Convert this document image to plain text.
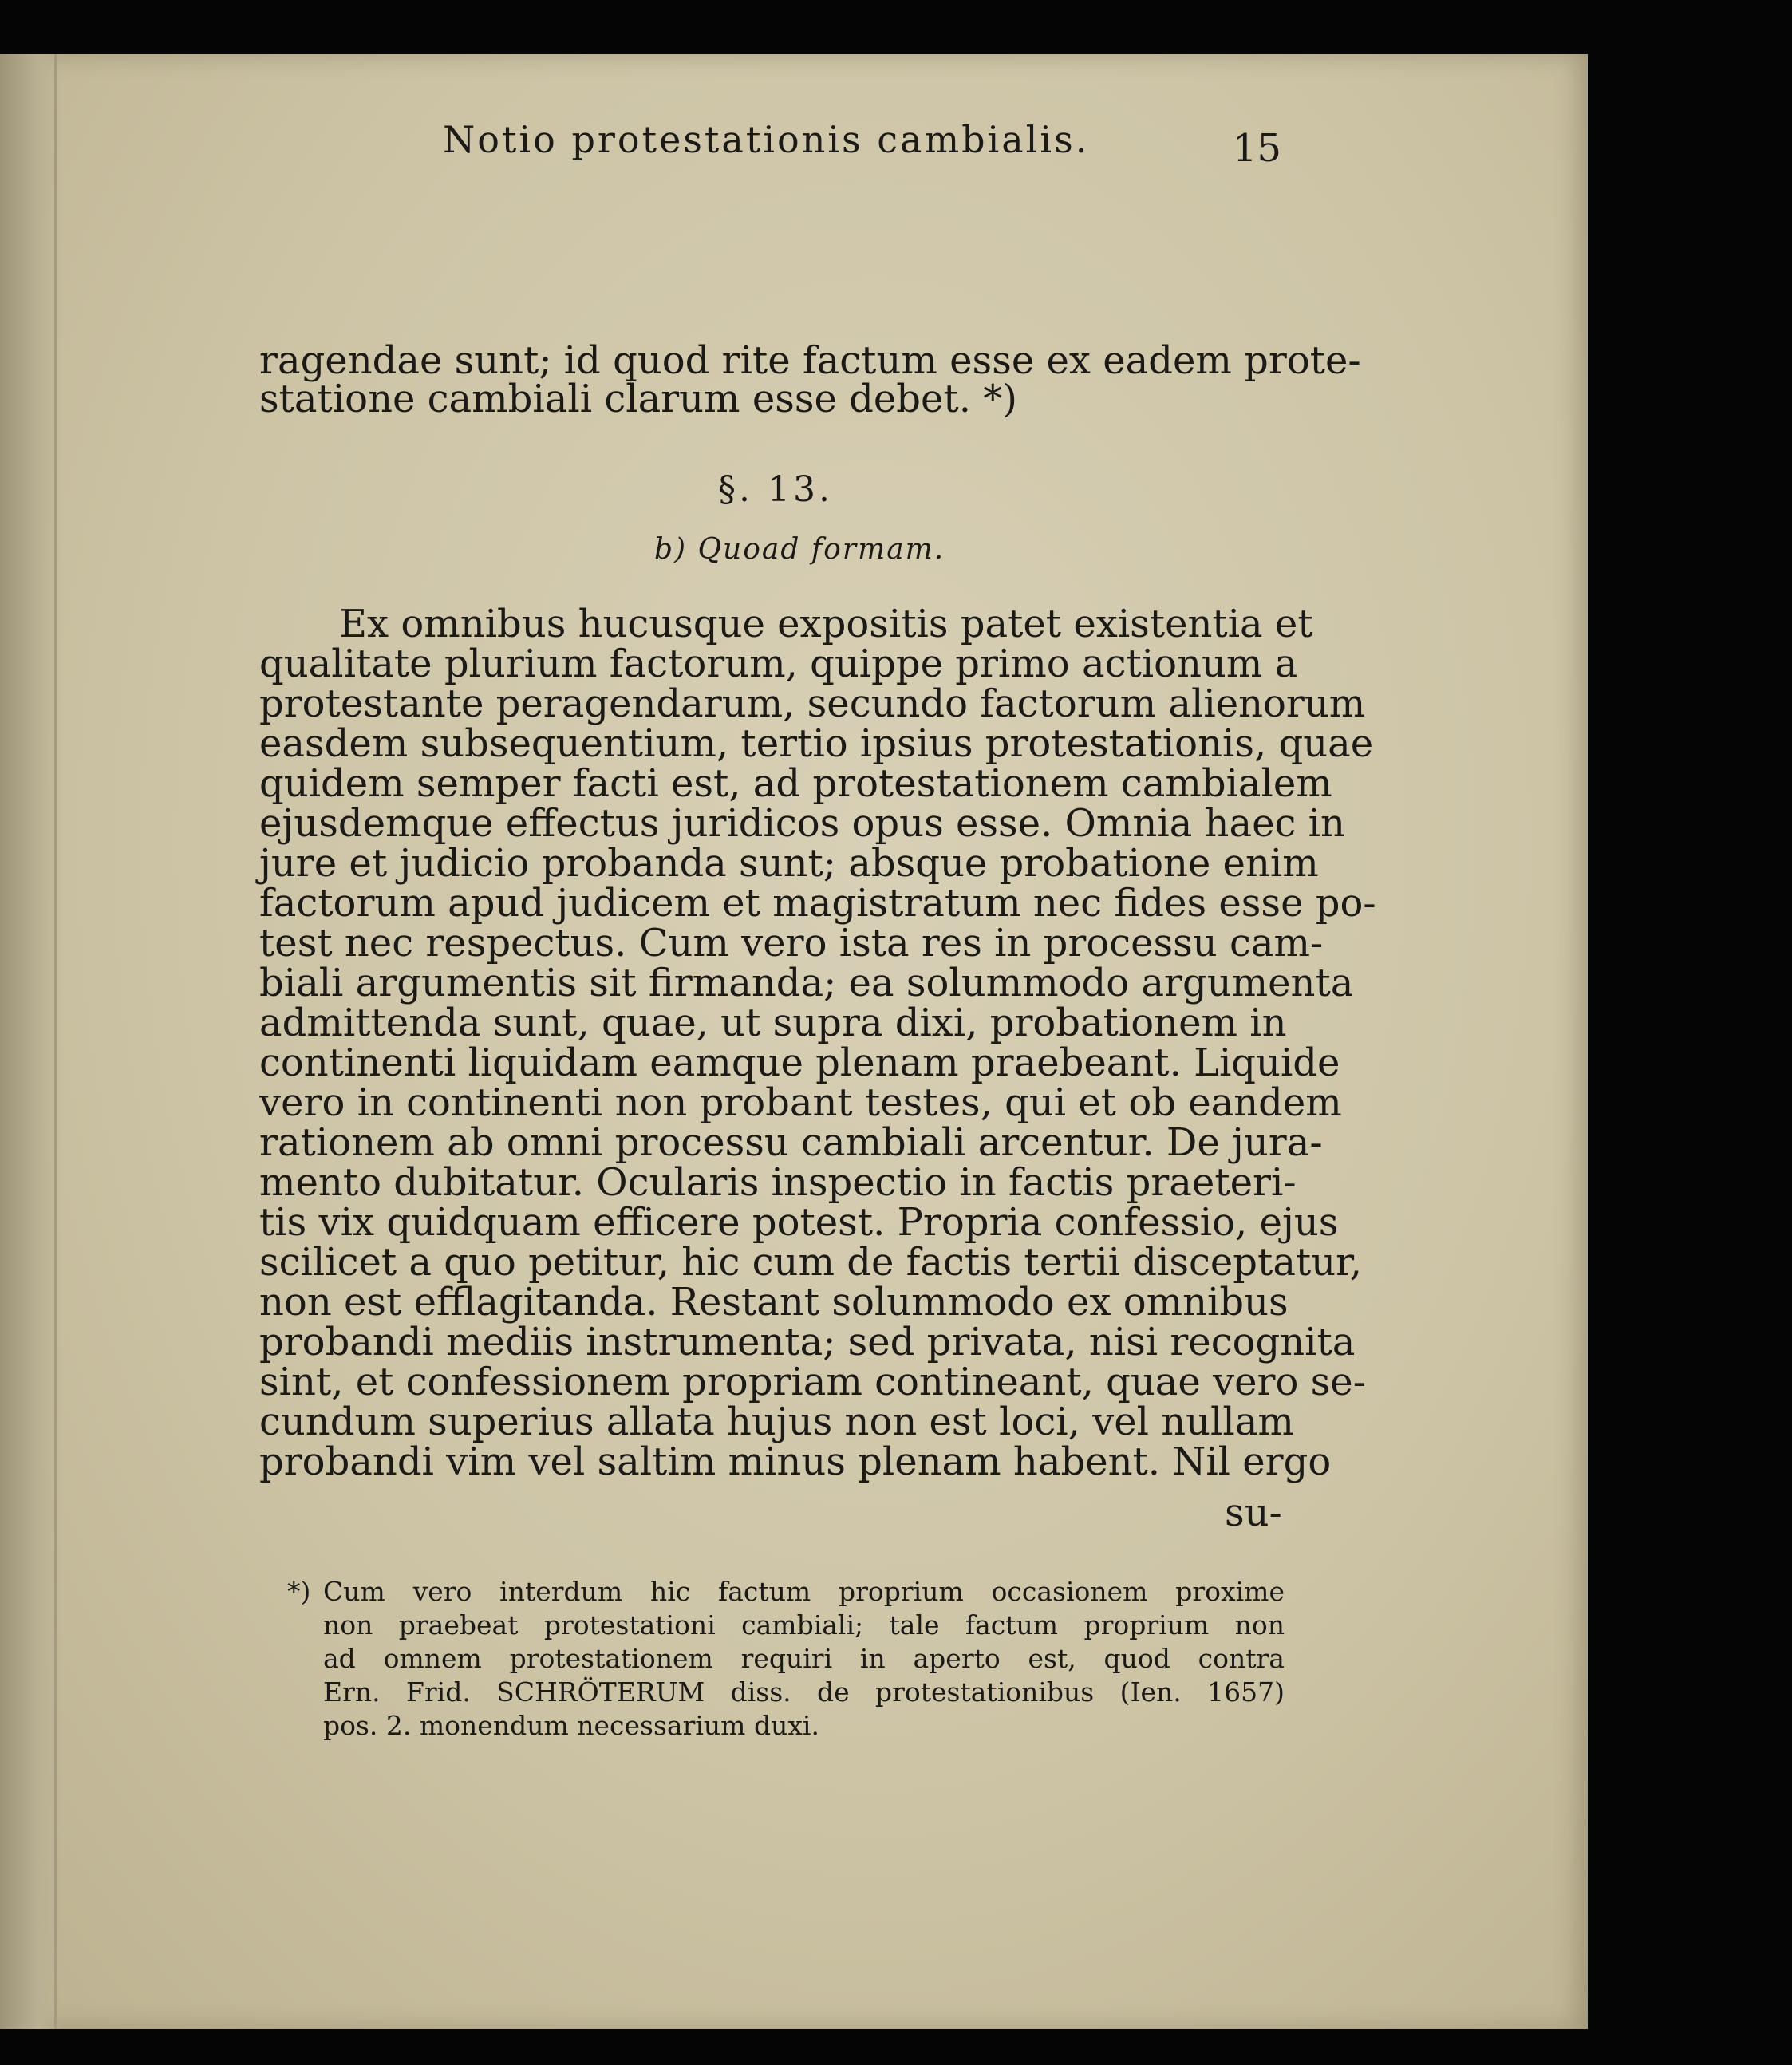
Notio protestationis cambialis.	15
ragendae sunt; id quod rite factum esse ex eadem prote-
statione cambiali clarum esse debet. *)
§. 13.
b) Quoad formam.
Ex omnibus hucusque expositis patet existentia et
qualitate plurium factorum, quippe primo actionum a
protestante peragendarum, secundo factorum alienorum
easdem subsequentium, tertio ipsius protestationis, quae
quidem semper facti est, ad protestationem cambialem
ejusdemque effectus juridicos opus esse. Omnia haec in
jure et judicio probanda sunt; absque probatione enim
factorum apud judicem et magistratum nec fides esse po-
test nec respectus. Cum vero ista res in processu cam-
biali argumentis sit firmanda; ea solummodo argumenta
admittenda sunt, quae, ut supra dixi, probationem in
continenti liquidam eamque plenam praebeant. Liquide
vero in continenti non probant testes, qui et ob eandem
rationem ab omni processu cambiali arcentur. De jura-
mento dubitatur. Ocularis inspectio in factis praeteri-
tis vix quidquam efficere potest. Propria confessio, ejus
scilicet a quo petitur, hic cum de factis tertii disceptatur,
non est efflagitanda. Restant solummodo ex omnibus
probandi mediis instrumenta; sed privata, nisi recognita
sint, et confessionem propriam contineant, quae vero se-
cundum superius allata hujus non est loci, vel nullam
probandi vim vel saltim minus plenam habent. Nil ergo
su-
*) Cum vero interdum hic factum proprium occasionem proxime
non praebeat protestationi cambiali; tale factum proprium non
ad omnem protestationem requiri in aperto est, quod contra
Ern. Frid. SCHRÖTERUM diss. de protestationibus (Ien. 1657)
pos. 2. monendum necessarium duxi.
